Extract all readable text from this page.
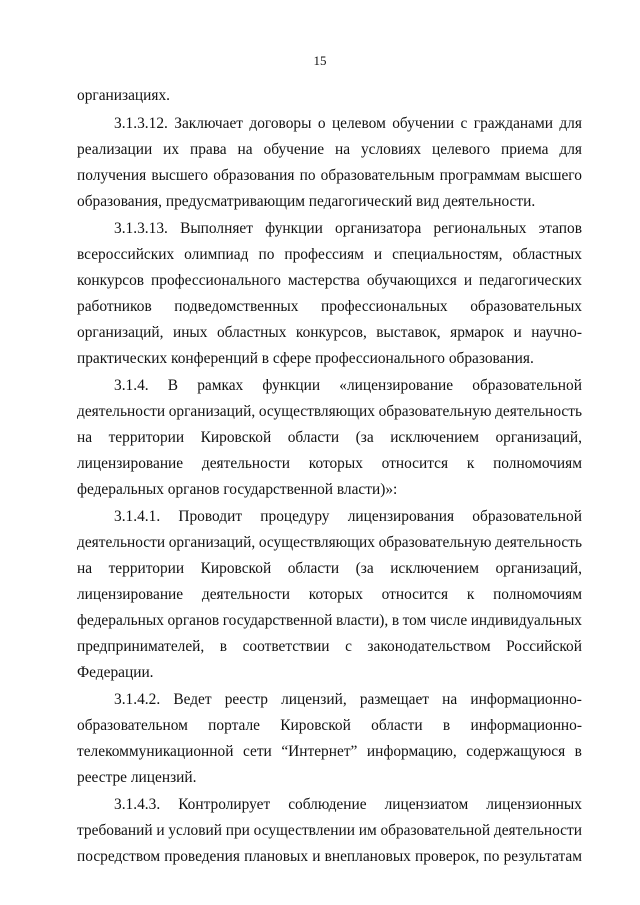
15
организациях.
3.1.3.12. Заключает договоры о целевом обучении с гражданами для
реализации их права на обучение на условиях целевого приема для
получения высшего образования по образовательным программам высшего
образования, предусматривающим педагогический вид деятельности.
3.1.3.13. Выполняет функции организатора региональных этапов
всероссийских олимпиад по профессиям и специальностям, областных
конкурсов профессионального мастерства обучающихся и педагогических
работников подведомственных профессиональных образовательных
организаций, иных областных конкурсов, выставок, ярмарок и научно-
практических конференций в сфере профессионального образования.
3.1.4. В рамках функции «лицензирование образовательной
деятельности организаций, осуществляющих образовательную деятельность
на территории Кировской области (за исключением организаций,
лицензирование деятельности которых относится к полномочиям
федеральных органов государственной власти)»:
3.1.4.1. Проводит процедуру лицензирования образовательной
деятельности организаций, осуществляющих образовательную деятельность
на территории Кировской области (за исключением организаций,
лицензирование деятельности которых относится к полномочиям
федеральных органов государственной власти), в том числе индивидуальных
предпринимателей, в соответствии с законодательством Российской
Федерации.
3.1.4.2. Ведет реестр лицензий, размещает на информационно-
образовательном портале Кировской области в информационно-
телекоммуникационной сети “Интернет” информацию, содержащуюся в
реестре лицензий.
3.1.4.3. Контролирует соблюдение лицензиатом лицензионных
требований и условий при осуществлении им образовательной деятельности
посредством проведения плановых и внеплановых проверок, по результатам
